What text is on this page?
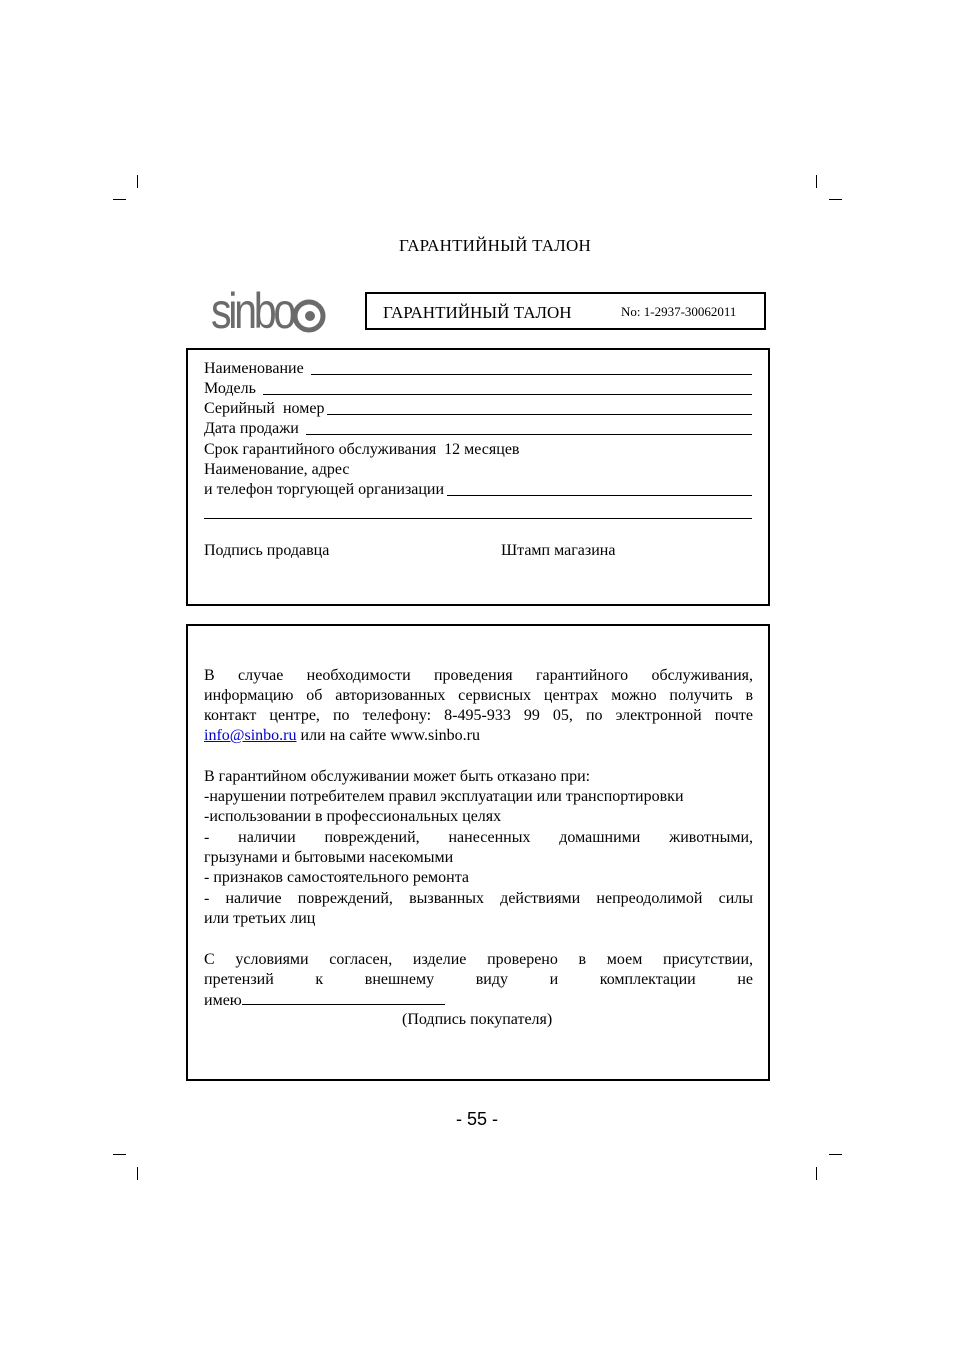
ГАРАНТИЙНЫЙ ТАЛОН
sinbo	ГАРАНТИЙНЫЙ ТАЛОН	No: 1-2937-30062011
Наименование
Модель
Серийный  номер
Дата продажи
Срок гарантийного обслуживания  12 месяцев
Наименование, адрес
и телефон торгующей организации
Подпись продавца	Штамп магазина
В случае необходимости проведения гарантийного обслуживания,
информацию об авторизованных сервисных центрах можно получить в
контакт центре, по телефону: 8-495-933 99 05, по электронной почте
info@sinbo.ru или на сайте www.sinbo.ru
В гарантийном обслуживании может быть отказано при:
-нарушении потребителем правил эксплуатации или транспортировки
-использовании в профессиональных целях
- наличии повреждений, нанесенных домашними животными,
грызунами и бытовыми насекомыми
- признаков самостоятельного ремонта
- наличие повреждений, вызванных действиями непреодолимой силы
или третьих лиц
С условиями согласен, изделие проверено в моем присутствии,
претензий к внешнему виду и комплектации не
имею
(Подпись покупателя)
- 55 -
